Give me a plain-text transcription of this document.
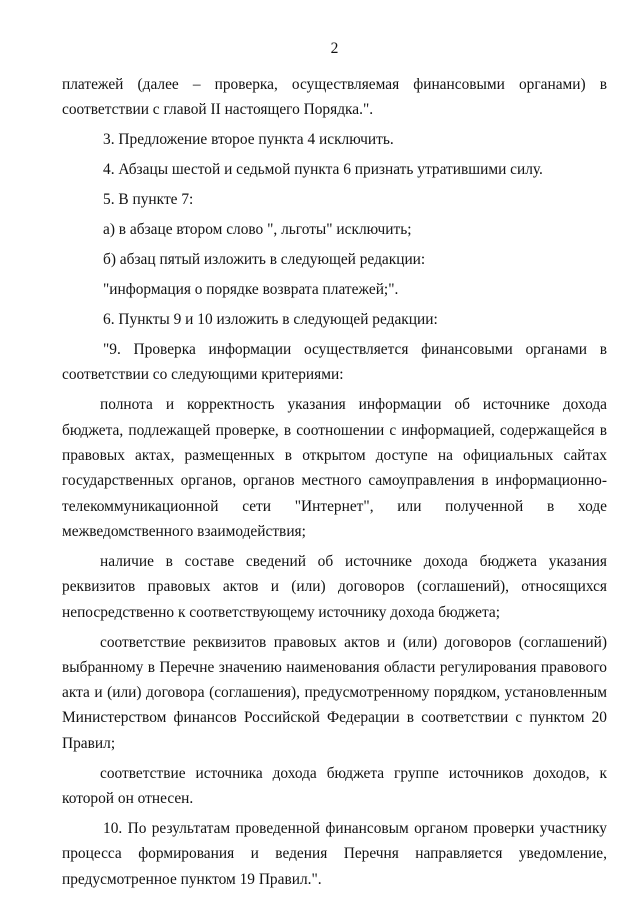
2

платежей (далее – проверка, осуществляемая финансовыми органами) в соответствии с главой II настоящего Порядка.".

3. Предложение второе пункта 4 исключить.

4. Абзацы шестой и седьмой пункта 6 признать утратившими силу.

5. В пункте 7:

а) в абзаце втором слово ", льготы" исключить;

б) абзац пятый изложить в следующей редакции:

"информация о порядке возврата платежей;".

6. Пункты 9 и 10 изложить в следующей редакции:

"9. Проверка информации осуществляется финансовыми органами в соответствии со следующими критериями:

полнота и корректность указания информации об источнике дохода бюджета, подлежащей проверке, в соотношении с информацией, содержащейся в правовых актах, размещенных в открытом доступе на официальных сайтах государственных органов, органов местного самоуправления в информационно-телекоммуникационной сети "Интернет", или полученной в ходе межведомственного взаимодействия;

наличие в составе сведений об источнике дохода бюджета указания реквизитов правовых актов и (или) договоров (соглашений), относящихся непосредственно к соответствующему источнику дохода бюджета;

соответствие реквизитов правовых актов и (или) договоров (соглашений) выбранному в Перечне значению наименования области регулирования правового акта и (или) договора (соглашения), предусмотренному порядком, установленным Министерством финансов Российской Федерации в соответствии с пунктом 20 Правил;

соответствие источника дохода бюджета группе источников доходов, к которой он отнесен.

10. По результатам проведенной финансовым органом проверки участнику процесса формирования и ведения Перечня направляется уведомление, предусмотренное пунктом 19 Правил.".
